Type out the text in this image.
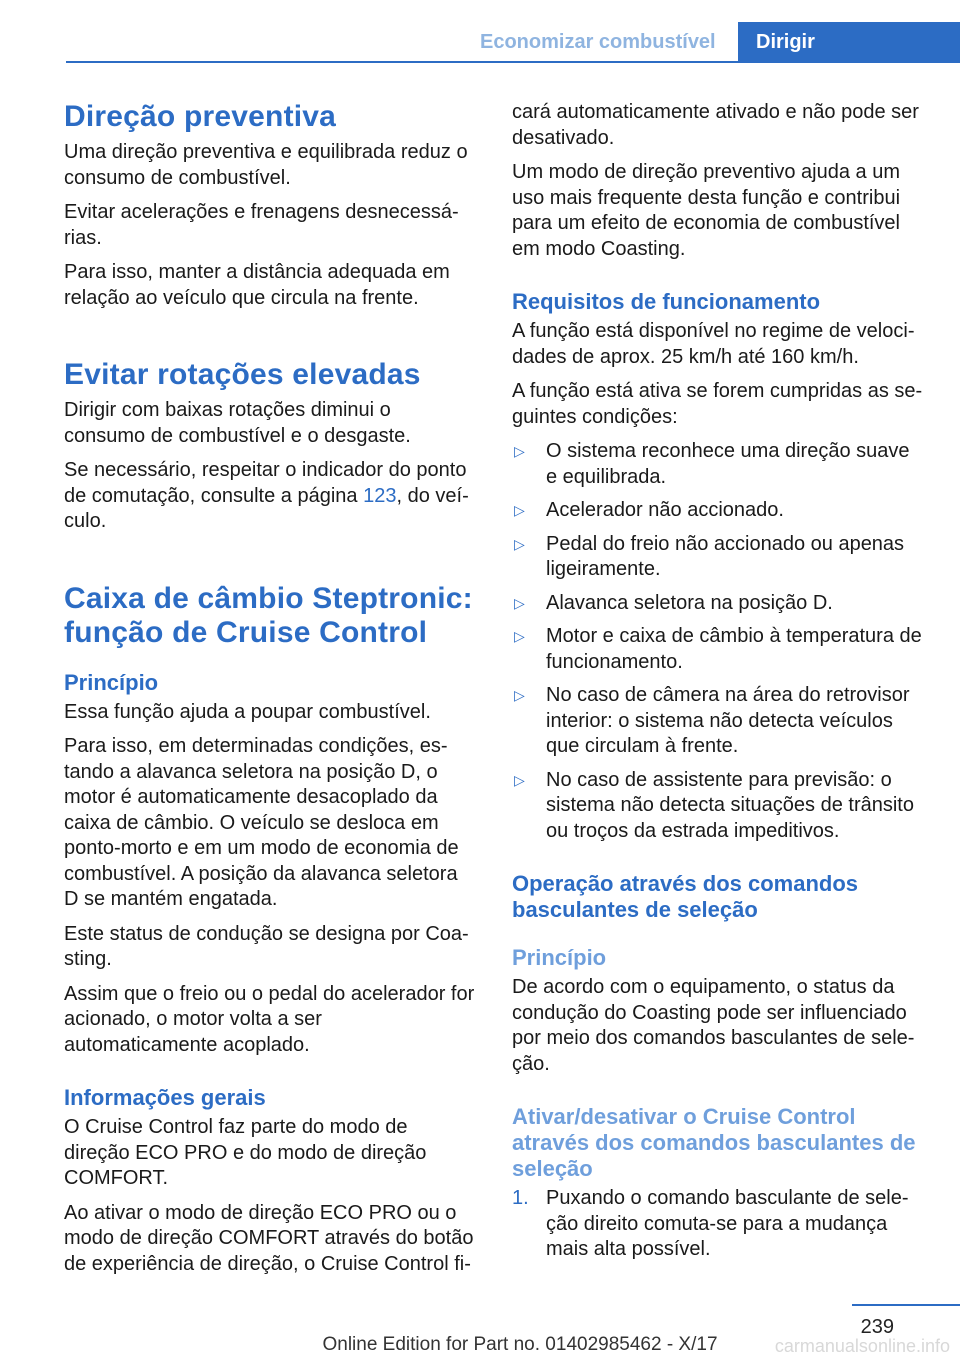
Economizar combustível	Dirigir
Direção preventiva

Uma direção preventiva e equilibrada reduz o consumo de combustível.

Evitar acelerações e frenagens desnecessárias.

Para isso, manter a distância adequada em relação ao veículo que circula na frente.

Evitar rotações elevadas

Dirigir com baixas rotações diminui o consumo de combustível e o desgaste.

Se necessário, respeitar o indicador do ponto de comutação, consulte a página 123, do veículo.

Caixa de câmbio Steptronic: função de Cruise Control
Princípio

Essa função ajuda a poupar combustível.

Para isso, em determinadas condições, estando a alavanca seletora na posição D, o motor é automaticamente desacoplado da caixa de câmbio. O veículo se desloca em ponto-morto e em um modo de economia de combustível. A posição da alavanca seletora D se mantém engatada.

Este status de condução se designa por Coasting.

Assim que o freio ou o pedal do acelerador for acionado, o motor volta a ser automaticamente acoplado.

Informações gerais

O Cruise Control faz parte do modo de direção ECO PRO e do modo de direção COMFORT.

Ao ativar o modo de direção ECO PRO ou o modo de direção COMFORT através do botão de experiência de direção, o Cruise Control fi-

cará automaticamente ativado e não pode ser desativado.

Um modo de direção preventivo ajuda a um uso mais frequente desta função e contribui para um efeito de economia de combustível em modo Coasting.

Requisitos de funcionamento

A função está disponível no regime de velocidades de aprox. 25 km/h até 160 km/h.

A função está ativa se forem cumpridas as seguintes condições:

▷ O sistema reconhece uma direção suave e equilibrada.
▷ Acelerador não accionado.
▷ Pedal do freio não accionado ou apenas ligeiramente.
▷ Alavanca seletora na posição D.
▷ Motor e caixa de câmbio à temperatura de funcionamento.
▷ No caso de câmera na área do retrovisor interior: o sistema não detecta veículos que circulam à frente.
▷ No caso de assistente para previsão: o sistema não detecta situações de trânsito ou troços da estrada impeditivos.
Operação através dos comandos basculantes de seleção
Princípio

De acordo com o equipamento, o status da condução do Coasting pode ser influenciado por meio dos comandos basculantes de seleção.

Ativar/desativar o Cruise Control através dos comandos basculantes de seleção
1. Puxando o comando basculante de seleção direito comuta-se para a mudança mais alta possível.
239
Online Edition for Part no. 01402985462 - X/17	carmanualsonline.info
